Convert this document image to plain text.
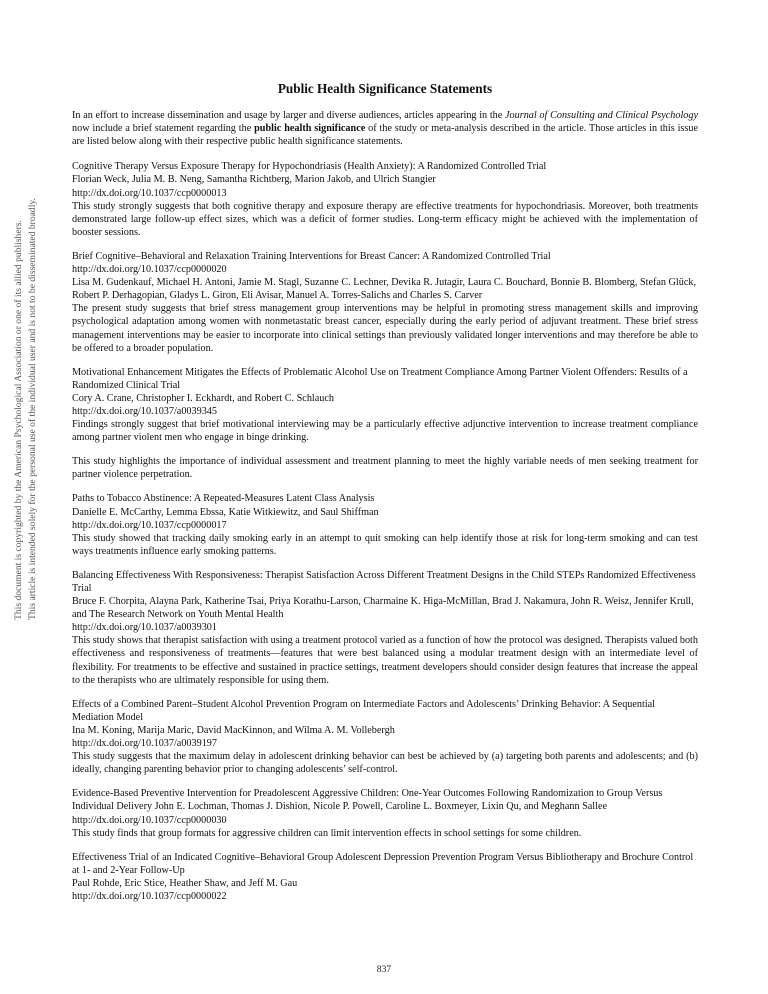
This document is copyrighted by the American Psychological Association or one of its allied publishers. This article is intended solely for the personal use of the individual user and is not to be disseminated broadly.
Public Health Significance Statements

In an effort to increase dissemination and usage by larger and diverse audiences, articles appearing in the Journal of Consulting and Clinical Psychology now include a brief statement regarding the public health significance of the study or meta-analysis described in the article. Those articles in this issue are listed below along with their respective public health significance statements.

Cognitive Therapy Versus Exposure Therapy for Hypochondriasis (Health Anxiety): A Randomized Controlled Trial
Florian Weck, Julia M. B. Neng, Samantha Richtberg, Marion Jakob, and Ulrich Stangier
http://dx.doi.org/10.1037/ccp0000013
This study strongly suggests that both cognitive therapy and exposure therapy are effective treatments for hypochondriasis. Moreover, both treatments demonstrated large follow-up effect sizes, which was a deficit of former studies. Long-term efficacy might be achieved with the implementation of booster sessions.
Brief Cognitive–Behavioral and Relaxation Training Interventions for Breast Cancer: A Randomized Controlled Trial
http://dx.doi.org/10.1037/ccp0000020
Lisa M. Gudenkauf, Michael H. Antoni, Jamie M. Stagl, Suzanne C. Lechner, Devika R. Jutagir, Laura C. Bouchard, Bonnie B. Blomberg, Stefan Glück, Robert P. Derhagopian, Gladys L. Giron, Eli Avisar, Manuel A. Torres-Salichs and Charles S. Carver
The present study suggests that brief stress management group interventions may be helpful in promoting stress management skills and improving psychological adaptation among women with nonmetastatic breast cancer, especially during the early period of adjuvant treatment. These brief stress management interventions may be easier to incorporate into clinical settings than previously validated longer interventions and may therefore be able to be offered to a broader population.
Motivational Enhancement Mitigates the Effects of Problematic Alcohol Use on Treatment Compliance Among Partner Violent Offenders: Results of a Randomized Clinical Trial
Cory A. Crane, Christopher I. Eckhardt, and Robert C. Schlauch
http://dx.doi.org/10.1037/a0039345
Findings strongly suggest that brief motivational interviewing may be a particularly effective adjunctive intervention to increase treatment compliance among partner violent men who engage in binge drinking.

This study highlights the importance of individual assessment and treatment planning to meet the highly variable needs of men seeking treatment for partner violence perpetration.

Paths to Tobacco Abstinence: A Repeated-Measures Latent Class Analysis
Danielle E. McCarthy, Lemma Ebssa, Katie Witkiewitz, and Saul Shiffman
http://dx.doi.org/10.1037/ccp0000017
This study showed that tracking daily smoking early in an attempt to quit smoking can help identify those at risk for long-term smoking and can test ways treatments influence early smoking patterns.
Balancing Effectiveness With Responsiveness: Therapist Satisfaction Across Different Treatment Designs in the Child STEPs Randomized Effectiveness Trial
Bruce F. Chorpita, Alayna Park, Katherine Tsai, Priya Korathu-Larson, Charmaine K. Higa-McMillan, Brad J. Nakamura, John R. Weisz, Jennifer Krull, and The Research Network on Youth Mental Health
http://dx.doi.org/10.1037/a0039301
This study shows that therapist satisfaction with using a treatment protocol varied as a function of how the protocol was designed. Therapists valued both effectiveness and responsiveness of treatments—features that were best balanced using a modular treatment design with an intermediate level of flexibility. For treatments to be effective and sustained in practice settings, treatment developers should consider design features that increase the appeal to the therapists who are ultimately responsible for using them.
Effects of a Combined Parent–Student Alcohol Prevention Program on Intermediate Factors and Adolescents’ Drinking Behavior: A Sequential Mediation Model
Ina M. Koning, Marija Maric, David MacKinnon, and Wilma A. M. Vollebergh
http://dx.doi.org/10.1037/a0039197
This study suggests that the maximum delay in adolescent drinking behavior can best be achieved by (a) targeting both parents and adolescents; and (b) ideally, changing parenting behavior prior to changing adolescents’ self-control.
Evidence-Based Preventive Intervention for Preadolescent Aggressive Children: One-Year Outcomes Following Randomization to Group Versus Individual Delivery John E. Lochman, Thomas J. Dishion, Nicole P. Powell, Caroline L. Boxmeyer, Lixin Qu, and Meghann Sallee
http://dx.doi.org/10.1037/ccp0000030
This study finds that group formats for aggressive children can limit intervention effects in school settings for some children.
Effectiveness Trial of an Indicated Cognitive–Behavioral Group Adolescent Depression Prevention Program Versus Bibliotherapy and Brochure Control at 1- and 2-Year Follow-Up
Paul Rohde, Eric Stice, Heather Shaw, and Jeff M. Gau
http://dx.doi.org/10.1037/ccp0000022
837
